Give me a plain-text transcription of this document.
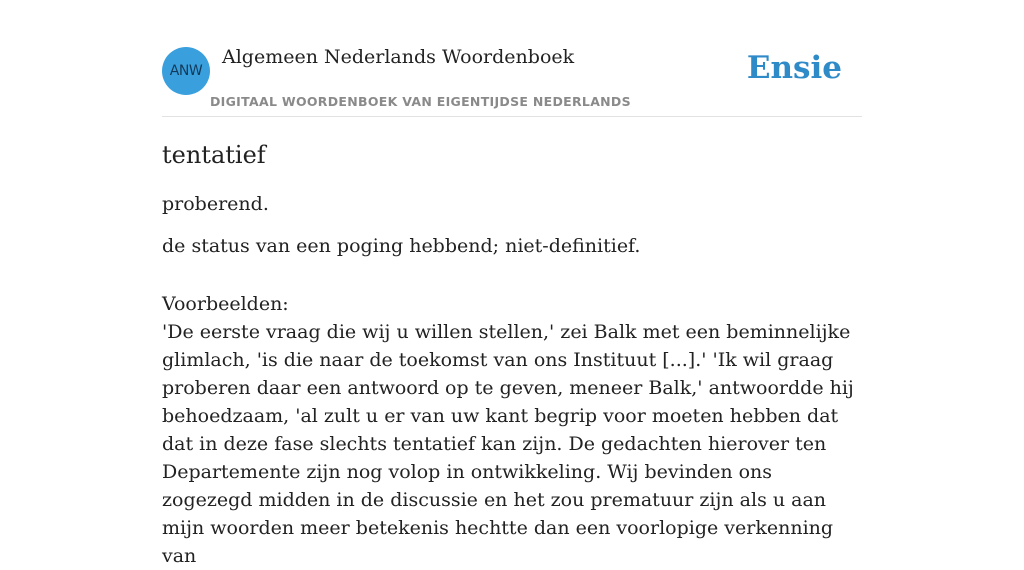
ANW
Algemeen Nederlands Woordenboek
DIGITAAL WOORDENBOEK VAN EIGENTIJDSE NEDERLANDS
Ensie
tentatief

proberend.

de status van een poging hebbend; niet-definitief.

Voorbeelden:

'De eerste vraag die wij u willen stellen,' zei Balk met een beminnelijke glimlach, 'is die naar de toekomst van ons Instituut [...].' 'Ik wil graag proberen daar een antwoord op te geven, meneer Balk,' antwoordde hij behoedzaam, 'al zult u er van uw kant begrip voor moeten hebben dat dat in deze fase slechts tentatief kan zijn. De gedachten hierover ten Departemente zijn nog volop in ontwikkeling. Wij bevinden ons zogezegd midden in de discussie en het zou prematuur zijn als u aan mijn woorden meer betekenis hechtte dan een voorlopige verkenning van
